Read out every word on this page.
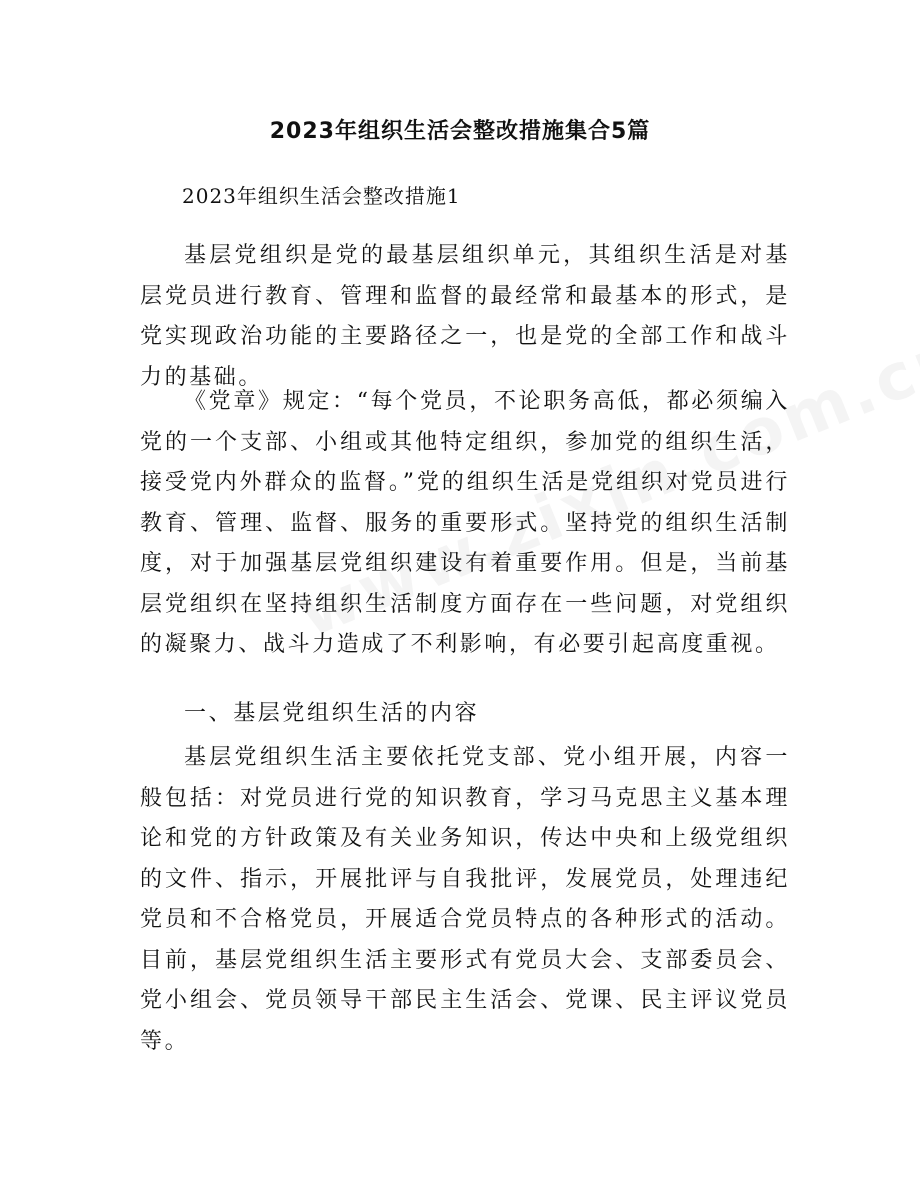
2023年组织生活会整改措施集合5篇

2023年组织生活会整改措施1

基层党组织是党的最基层组织单元，其组织生活是对基层党员进行教育、管理和监督的最经常和最基本的形式，是党实现政治功能的主要路径之一，也是党的全部工作和战斗力的基础。

《党章》规定：“每个党员，不论职务高低，都必须编入党的一个支部、小组或其他特定组织，参加党的组织生活，接受党内外群众的监督。”党的组织生活是党组织对党员进行教育、管理、监督、服务的重要形式。坚持党的组织生活制度，对于加强基层党组织建设有着重要作用。但是，当前基层党组织在坚持组织生活制度方面存在一些问题，对党组织的凝聚力、战斗力造成了不利影响，有必要引起高度重视。

一、基层党组织生活的内容

基层党组织生活主要依托党支部、党小组开展，内容一般包括：对党员进行党的知识教育，学习马克思主义基本理论和党的方针政策及有关业务知识，传达中央和上级党组织的文件、指示，开展批评与自我批评，发展党员，处理违纪党员和不合格党员，开展适合党员特点的各种形式的活动。目前，基层党组织生活主要形式有党员大会、支部委员会、党小组会、党员领导干部民主生活会、党课、民主评议党员等。
